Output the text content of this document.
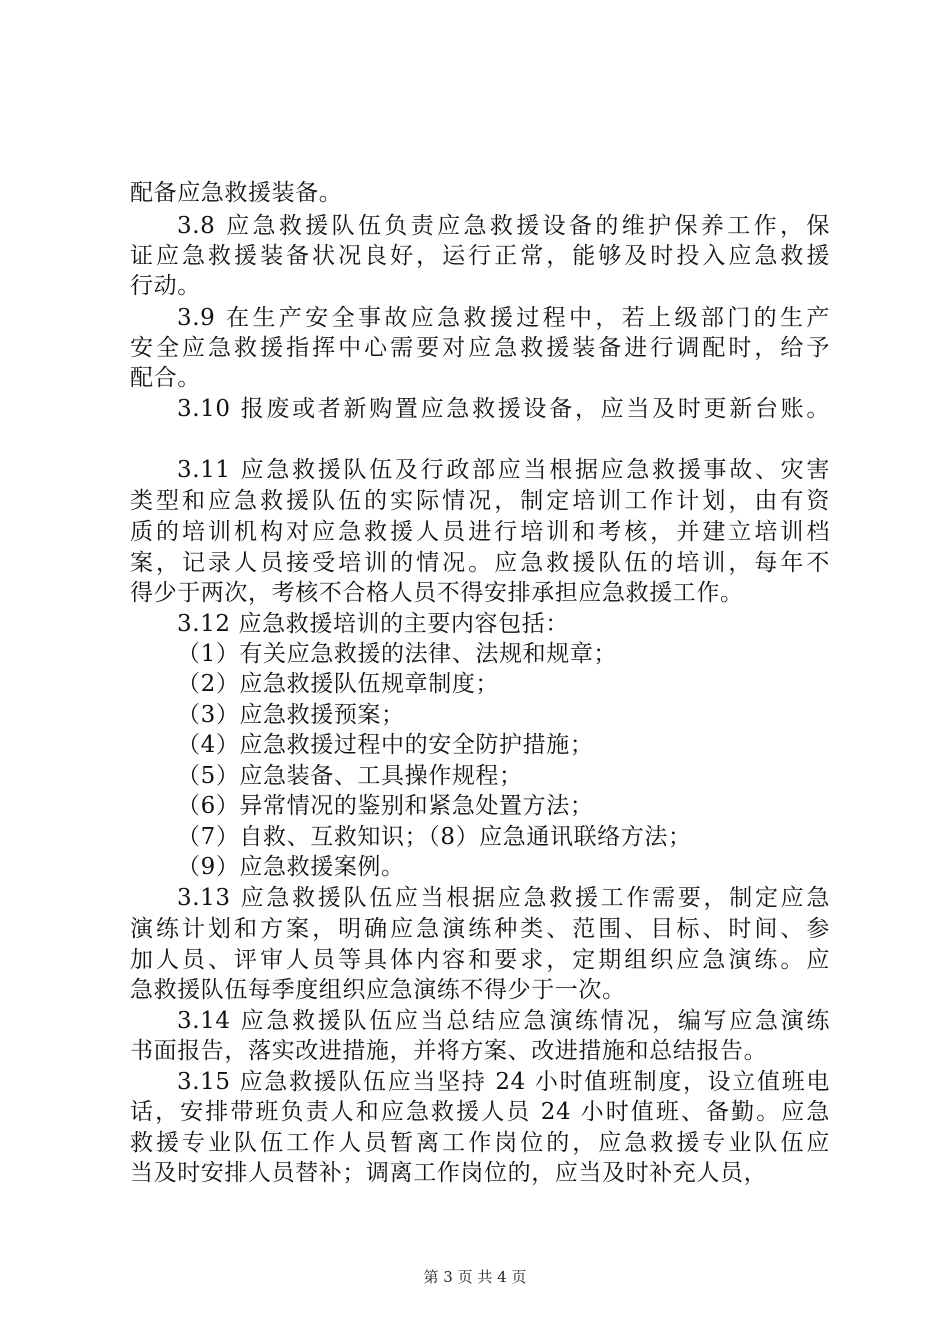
配备应急救援装备。
3.8 应急救援队伍负责应急救援设备的维护保养工作，保
证应急救援装备状况良好，运行正常，能够及时投入应急救援
行动。
3.9 在生产安全事故应急救援过程中，若上级部门的生产
安全应急救援指挥中心需要对应急救援装备进行调配时，给予
配合。
3.10 报废或者新购置应急救援设备，应当及时更新台账。
3.11 应急救援队伍及行政部应当根据应急救援事故、灾害
类型和应急救援队伍的实际情况，制定培训工作计划，由有资
质的培训机构对应急救援人员进行培训和考核，并建立培训档
案，记录人员接受培训的情况。应急救援队伍的培训，每年不
得少于两次，考核不合格人员不得安排承担应急救援工作。
3.12 应急救援培训的主要内容包括：
（1）有关应急救援的法律、法规和规章；
（2）应急救援队伍规章制度；
（3）应急救援预案；
（4）应急救援过程中的安全防护措施；
（5）应急装备、工具操作规程；
（6）异常情况的鉴别和紧急处置方法；
（7）自救、互救知识；（8）应急通讯联络方法；
（9）应急救援案例。
3.13 应急救援队伍应当根据应急救援工作需要，制定应急
演练计划和方案，明确应急演练种类、范围、目标、时间、参
加人员、评审人员等具体内容和要求，定期组织应急演练。应
急救援队伍每季度组织应急演练不得少于一次。
3.14 应急救援队伍应当总结应急演练情况，编写应急演练
书面报告，落实改进措施，并将方案、改进措施和总结报告。
3.15 应急救援队伍应当坚持 24 小时值班制度，设立值班电
话，安排带班负责人和应急救援人员 24 小时值班、备勤。应急
救援专业队伍工作人员暂离工作岗位的，应急救援专业队伍应
当及时安排人员替补；调离工作岗位的，应当及时补充人员，
第 3 页 共 4 页
